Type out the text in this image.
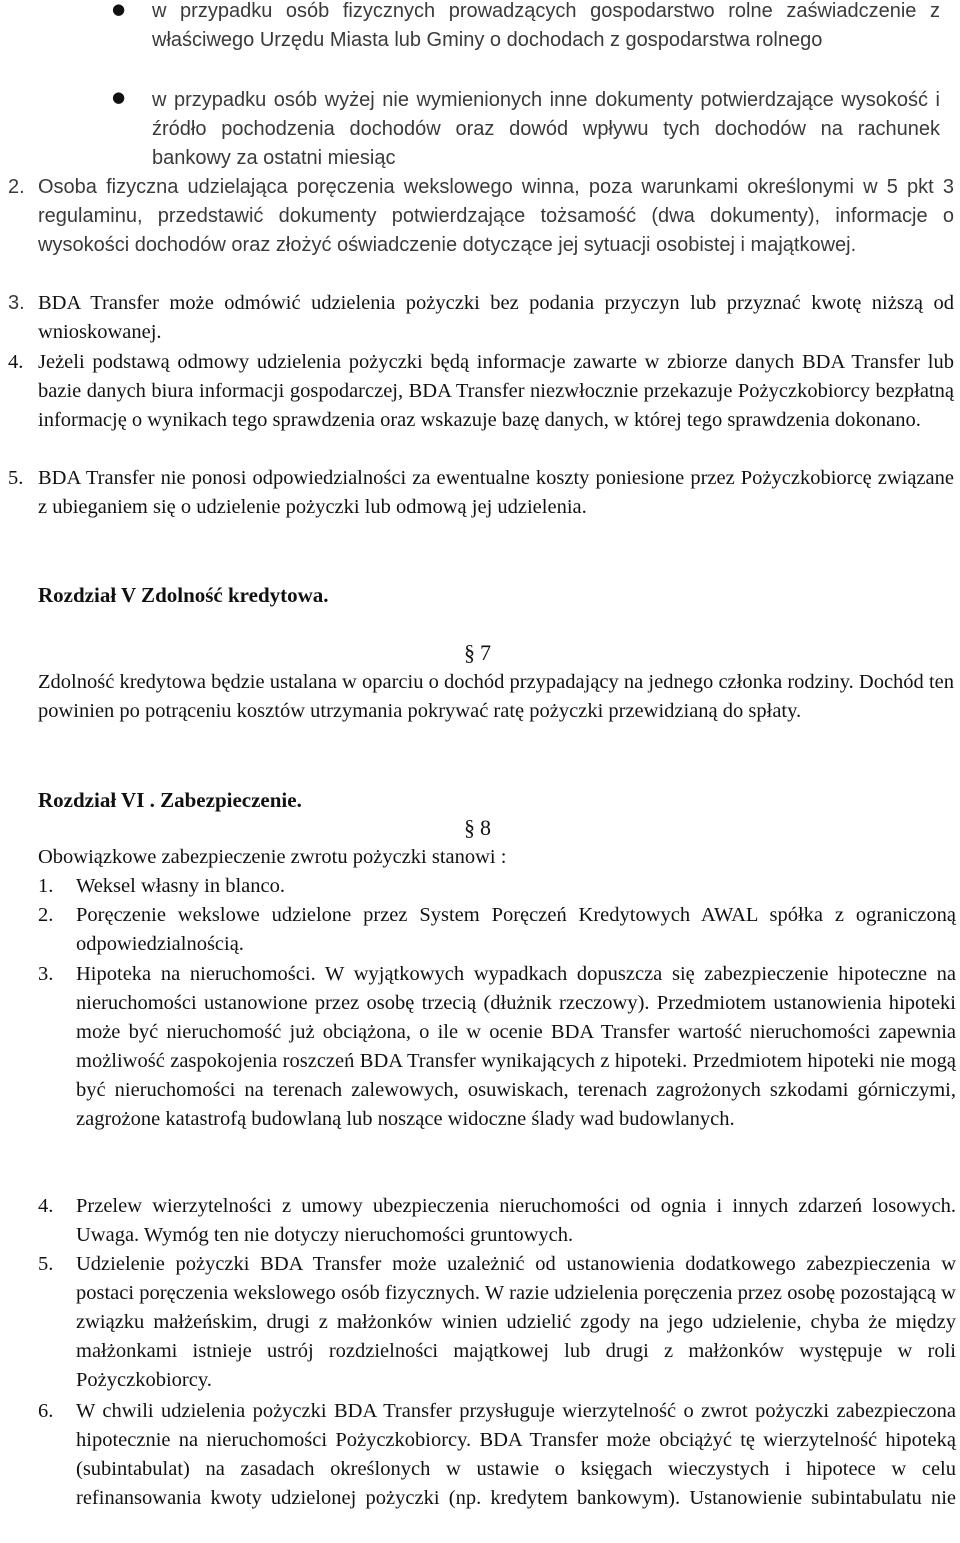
● w przypadku osób fizycznych prowadzących gospodarstwo rolne zaświadczenie z właściwego Urzędu Miasta lub Gminy o dochodach z gospodarstwa rolnego

● w przypadku osób wyżej nie wymienionych inne dokumenty potwierdzające wysokość i źródło pochodzenia dochodów oraz dowód wpływu tych dochodów na rachunek bankowy za ostatni miesiąc

2. Osoba fizyczna udzielająca poręczenia wekslowego winna, poza warunkami określonymi w 5 pkt 3 regulaminu, przedstawić dokumenty potwierdzające tożsamość (dwa dokumenty), informacje o wysokości dochodów oraz złożyć oświadczenie dotyczące jej sytuacji osobistej i majątkowej.

3. BDA Transfer może odmówić udzielenia pożyczki bez podania przyczyn lub przyznać kwotę niższą od wnioskowanej.

4. Jeżeli podstawą odmowy udzielenia pożyczki będą informacje zawarte w zbiorze danych BDA Transfer lub bazie danych biura informacji gospodarczej, BDA Transfer niezwłocznie przekazuje Pożyczkobiorcy bezpłatną informację o wynikach tego sprawdzenia oraz wskazuje bazę danych, w której tego sprawdzenia dokonano.

5. BDA Transfer nie ponosi odpowiedzialności za ewentualne koszty poniesione przez Pożyczkobiorcę związane z ubieganiem się o udzielenie pożyczki lub odmową jej udzielenia.

Rozdział V Zdolność kredytowa.
§ 7

Zdolność kredytowa będzie ustalana w oparciu o dochód przypadający na jednego członka rodziny. Dochód ten powinien po potrąceniu kosztów utrzymania pokrywać ratę pożyczki przewidzianą do spłaty.

Rozdział VI . Zabezpieczenie.
§ 8

Obowiązkowe zabezpieczenie zwrotu pożyczki stanowi :

1. Weksel własny in blanco.

2. Poręczenie wekslowe udzielone przez System Poręczeń Kredytowych AWAL spółka z ograniczoną odpowiedzialnością.

3. Hipoteka na nieruchomości. W wyjątkowych wypadkach dopuszcza się zabezpieczenie hipoteczne na nieruchomości ustanowione przez osobę trzecią (dłużnik rzeczowy). Przedmiotem ustanowienia hipoteki może być nieruchomość już obciążona, o ile w ocenie BDA Transfer wartość nieruchomości zapewnia możliwość zaspokojenia roszczeń BDA Transfer wynikających z hipoteki. Przedmiotem hipoteki nie mogą być nieruchomości na terenach zalewowych, osuwiskach, terenach zagrożonych szkodami górniczymi, zagrożone katastrofą budowlaną lub noszące widoczne ślady wad budowlanych.

4. Przelew wierzytelności z umowy ubezpieczenia nieruchomości od ognia i innych zdarzeń losowych. Uwaga. Wymóg ten nie dotyczy nieruchomości gruntowych.

5. Udzielenie pożyczki BDA Transfer może uzależnić od ustanowienia dodatkowego zabezpieczenia w postaci poręczenia wekslowego osób fizycznych. W razie udzielenia poręczenia przez osobę pozostającą w związku małżeńskim, drugi z małżonków winien udzielić zgody na jego udzielenie, chyba że między małżonkami istnieje ustrój rozdzielności majątkowej lub drugi z małżonków występuje w roli Pożyczkobiorcy.

6. W chwili udzielenia pożyczki BDA Transfer przysługuje wierzytelność o zwrot pożyczki zabezpieczona hipotecznie na nieruchomości Pożyczkobiorcy. BDA Transfer może obciążyć tę wierzytelność hipoteką (subintabulat) na zasadach określonych w ustawie o księgach wieczystych i hipotece w celu refinansowania kwoty udzielonej pożyczki (np. kredytem bankowym). Ustanowienie subintabulatu nie
